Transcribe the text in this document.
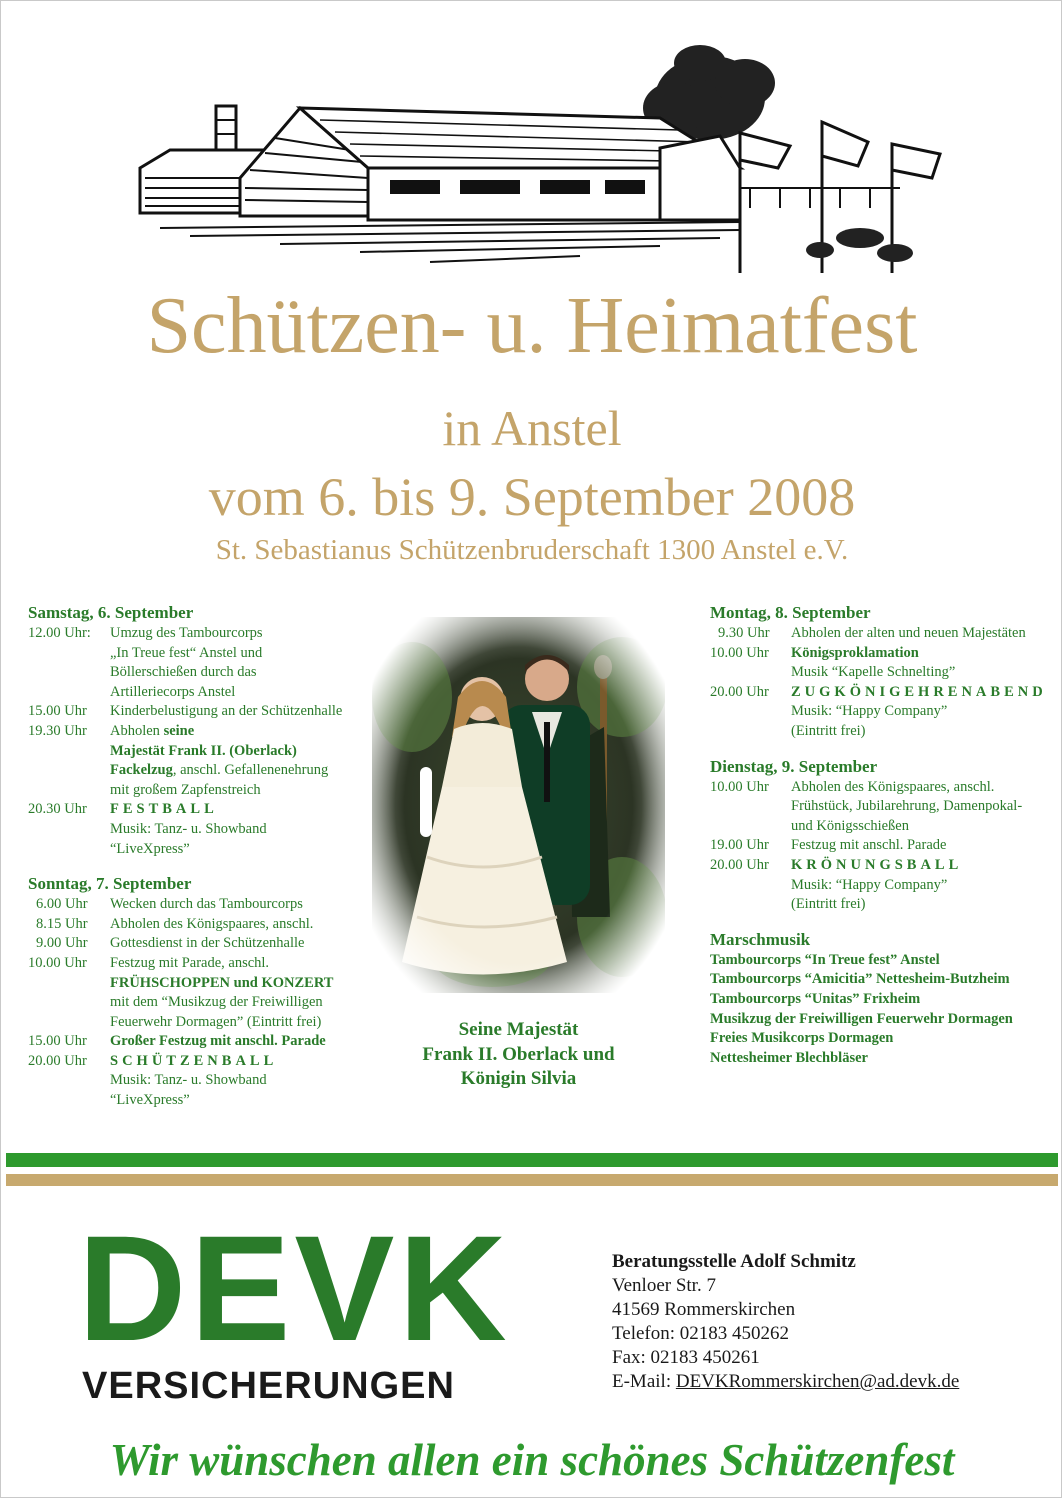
Schützen- u. Heimatfest
in Anstel
vom 6. bis 9. September 2008
St. Sebastianus Schützenbruderschaft 1300 Anstel e.V.
Samstag, 6. September
12.00 Uhr:	Umzug des Tambourcorps
„In Treue fest“ Anstel und
Böllerschießen durch das
Artilleriecorps Anstel
15.00 Uhr	Kinderbelustigung an der Schützenhalle
19.30 Uhr	Abholen seine
Majestät Frank II. (Oberlack)
Fackelzug, anschl. Gefallenenehrung
mit großem Zapfenstreich
20.30 Uhr	FESTBALL
Musik: Tanz- u. Showband
“LiveXpress”
Sonntag, 7. September
6.00 Uhr	Wecken durch das Tambourcorps
8.15 Uhr	Abholen des Königspaares, anschl.
9.00 Uhr	Gottesdienst in der Schützenhalle
10.00 Uhr	Festzug mit Parade, anschl.
FRÜHSCHOPPEN und KONZERT
mit dem “Musikzug der Freiwilligen
Feuerwehr Dormagen” (Eintritt frei)
15.00 Uhr	Großer Festzug mit anschl. Parade
20.00 Uhr	SCHÜTZENBALL
Musik: Tanz- u. Showband
“LiveXpress”
Seine Majestät
Frank II. Oberlack und
Königin Silvia
Montag, 8. September
9.30 Uhr	Abholen der alten und neuen Majestäten
10.00 Uhr	Königsproklamation
Musik “Kapelle Schnelting”
20.00 Uhr	ZUGKÖNIGEHRENABEND
Musik: “Happy Company”
(Eintritt frei)
Dienstag, 9. September
10.00 Uhr	Abholen des Königspaares, anschl.
Frühstück, Jubilarehrung, Damenpokal-
und Königsschießen
19.00 Uhr	Festzug mit anschl. Parade
20.00 Uhr	KRÖNUNGSBALL
Musik: “Happy Company”
(Eintritt frei)
Marschmusik
Tambourcorps “In Treue fest” Anstel
Tambourcorps “Amicitia” Nettesheim-Butzheim
Tambourcorps “Unitas” Frixheim
Musikzug der Freiwilligen Feuerwehr Dormagen
Freies Musikcorps Dormagen
Nettesheimer Blechbläser
DEVK
VERSICHERUNGEN
Beratungsstelle Adolf Schmitz
Venloer Str. 7
41569 Rommerskirchen
Telefon: 02183 450262
Fax: 02183 450261
E-Mail: DEVKRommerskirchen@ad.devk.de
Wir wünschen allen ein schönes Schützenfest
